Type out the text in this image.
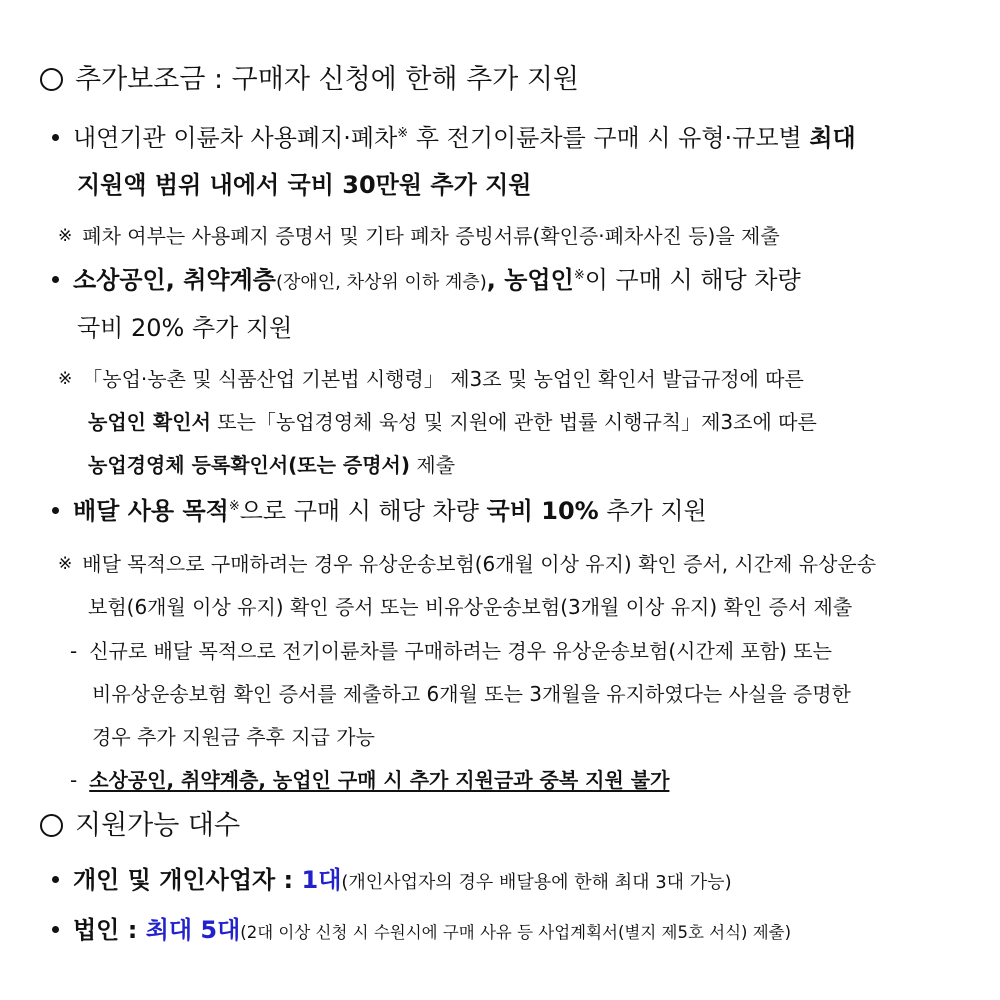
추가보조금 : 구매자 신청에 한해 추가 지원
내연기관 이륜차 사용폐지·폐차※ 후 전기이륜차를 구매 시 유형·규모별 최대
지원액 범위 내에서 국비 30만원 추가 지원
※ 폐차 여부는 사용폐지 증명서 및 기타 폐차 증빙서류(확인증·폐차사진 등)을 제출
소상공인, 취약계층(장애인, 차상위 이하 계층), 농업인※이 구매 시 해당 차량
국비 20% 추가 지원
※ 「농업·농촌 및 식품산업 기본법 시행령」 제3조 및 농업인 확인서 발급규정에 따른
농업인 확인서 또는「농업경영체 육성 및 지원에 관한 법률 시행규칙」제3조에 따른
농업경영체 등록확인서(또는 증명서) 제출
배달 사용 목적※으로 구매 시 해당 차량 국비 10% 추가 지원
※ 배달 목적으로 구매하려는 경우 유상운송보험(6개월 이상 유지) 확인 증서, 시간제 유상운송
보험(6개월 이상 유지) 확인 증서 또는 비유상운송보험(3개월 이상 유지) 확인 증서 제출
- 신규로 배달 목적으로 전기이륜차를 구매하려는 경우 유상운송보험(시간제 포함) 또는
비유상운송보험 확인 증서를 제출하고 6개월 또는 3개월을 유지하였다는 사실을 증명한
경우 추가 지원금 추후 지급 가능
- 소상공인, 취약계층, 농업인 구매 시 추가 지원금과 중복 지원 불가
지원가능 대수
개인 및 개인사업자 : 1대(개인사업자의 경우 배달용에 한해 최대 3대 가능)
법인 : 최대 5대(2대 이상 신청 시 수원시에 구매 사유 등 사업계획서(별지 제5호 서식) 제출)
